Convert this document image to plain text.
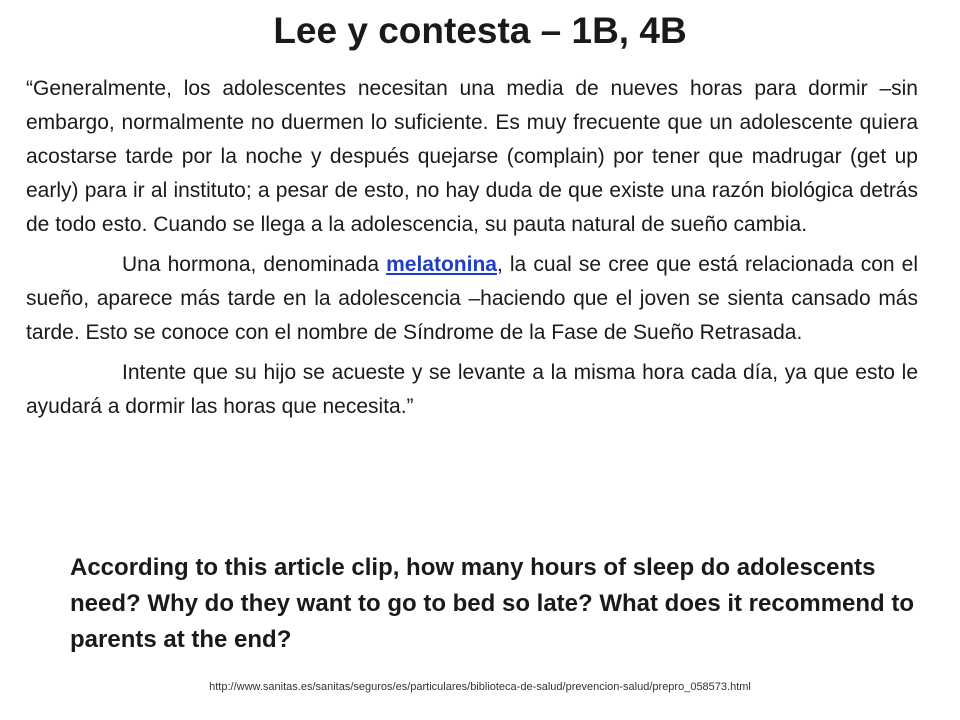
Lee y contesta – 1B, 4B

“Generalmente, los adolescentes necesitan una media de nueves horas para dormir –sin embargo, normalmente no duermen lo suficiente. Es muy frecuente que un adolescente quiera acostarse tarde por la noche y después quejarse (complain) por tener que madrugar (get up early) para ir al instituto; a pesar de esto, no hay duda de que existe una razón biológica detrás de todo esto. Cuando se llega a la adolescencia, su pauta natural de sueño cambia.

Una hormona, denominada melatonina, la cual se cree que está relacionada con el sueño, aparece más tarde en la adolescencia –haciendo que el joven se sienta cansado más tarde. Esto se conoce con el nombre de Síndrome de la Fase de Sueño Retrasada.

Intente que su hijo se acueste y se levante a la misma hora cada día, ya que esto le ayudará a dormir las horas que necesita.”

According to this article clip, how many hours of sleep do adolescents need? Why do they want to go to bed so late? What does it recommend to parents at the end?

http://www.sanitas.es/sanitas/seguros/es/particulares/biblioteca-de-salud/prevencion-salud/prepro_058573.html
